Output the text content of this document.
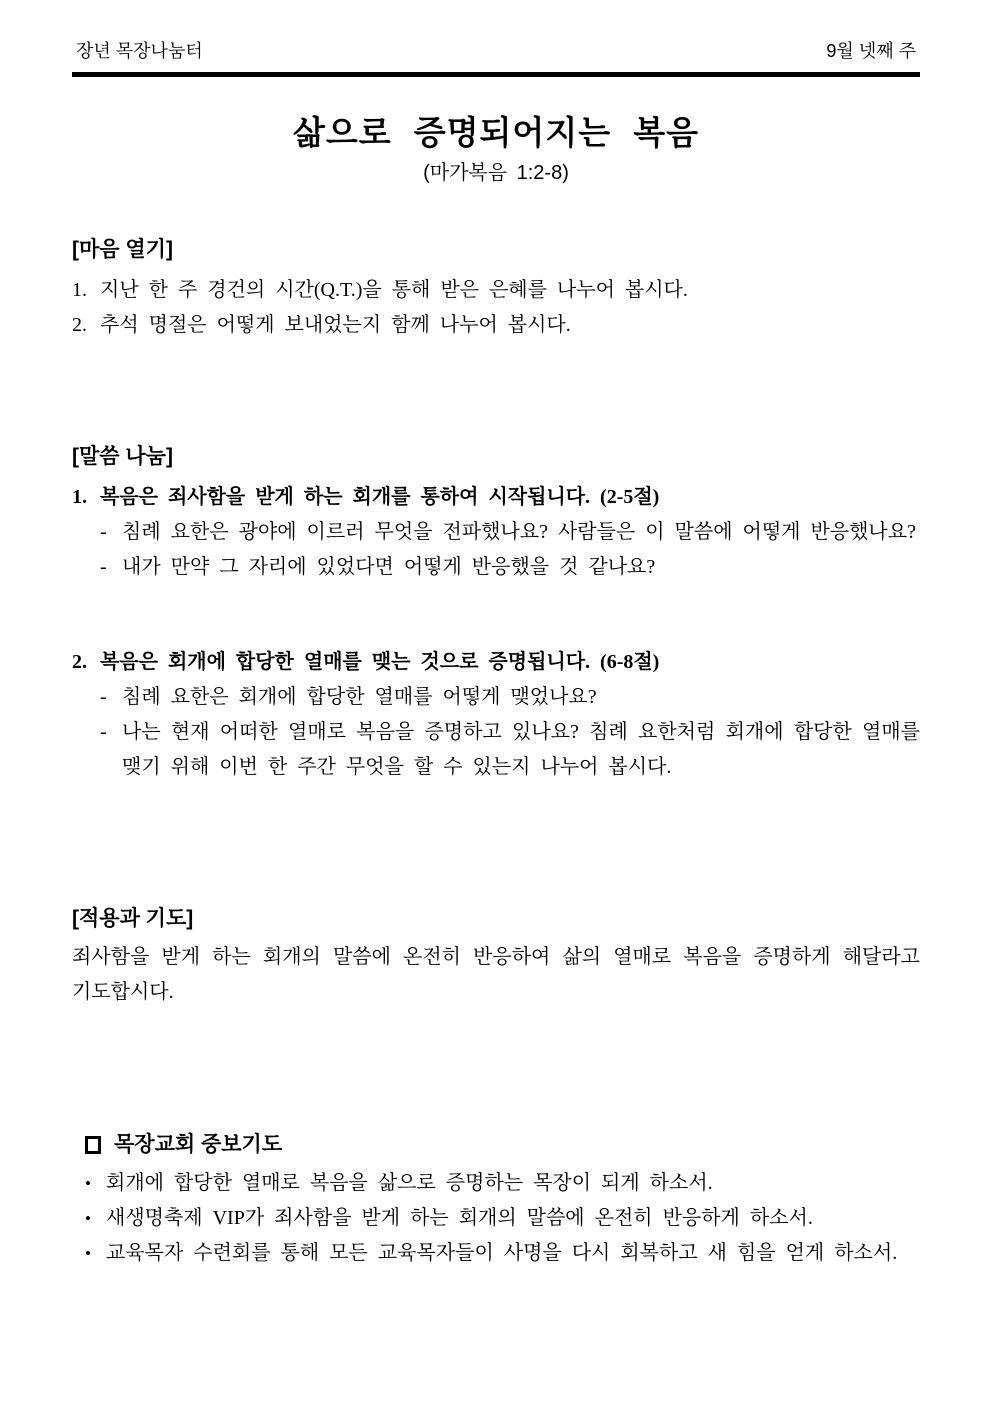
장년 목장나눔터	9월 넷째 주
삶으로 증명되어지는 복음
(마가복음 1:2-8)
[마음 열기]
1. 지난 한 주 경건의 시간(Q.T.)을 통해 받은 은혜를 나누어 봅시다.
2. 추석 명절은 어떻게 보내었는지 함께 나누어 봅시다.
[말씀 나눔]
1. 복음은 죄사함을 받게 하는 회개를 통하여 시작됩니다. (2-5절)
- 침례 요한은 광야에 이르러 무엇을 전파했나요? 사람들은 이 말씀에 어떻게 반응했나요?
- 내가 만약 그 자리에 있었다면 어떻게 반응했을 것 같나요?
2. 복음은 회개에 합당한 열매를 맺는 것으로 증명됩니다. (6-8절)
- 침례 요한은 회개에 합당한 열매를 어떻게 맺었나요?
- 나는 현재 어떠한 열매로 복음을 증명하고 있나요? 침례 요한처럼 회개에 합당한 열매를 맺기 위해 이번 한 주간 무엇을 할 수 있는지 나누어 봅시다.
[적용과 기도]
죄사함을 받게 하는 회개의 말씀에 온전히 반응하여 삶의 열매로 복음을 증명하게 해달라고 기도합시다.
목장교회 중보기도
• 회개에 합당한 열매로 복음을 삶으로 증명하는 목장이 되게 하소서.
• 새생명축제 VIP가 죄사함을 받게 하는 회개의 말씀에 온전히 반응하게 하소서.
• 교육목자 수련회를 통해 모든 교육목자들이 사명을 다시 회복하고 새 힘을 얻게 하소서.
